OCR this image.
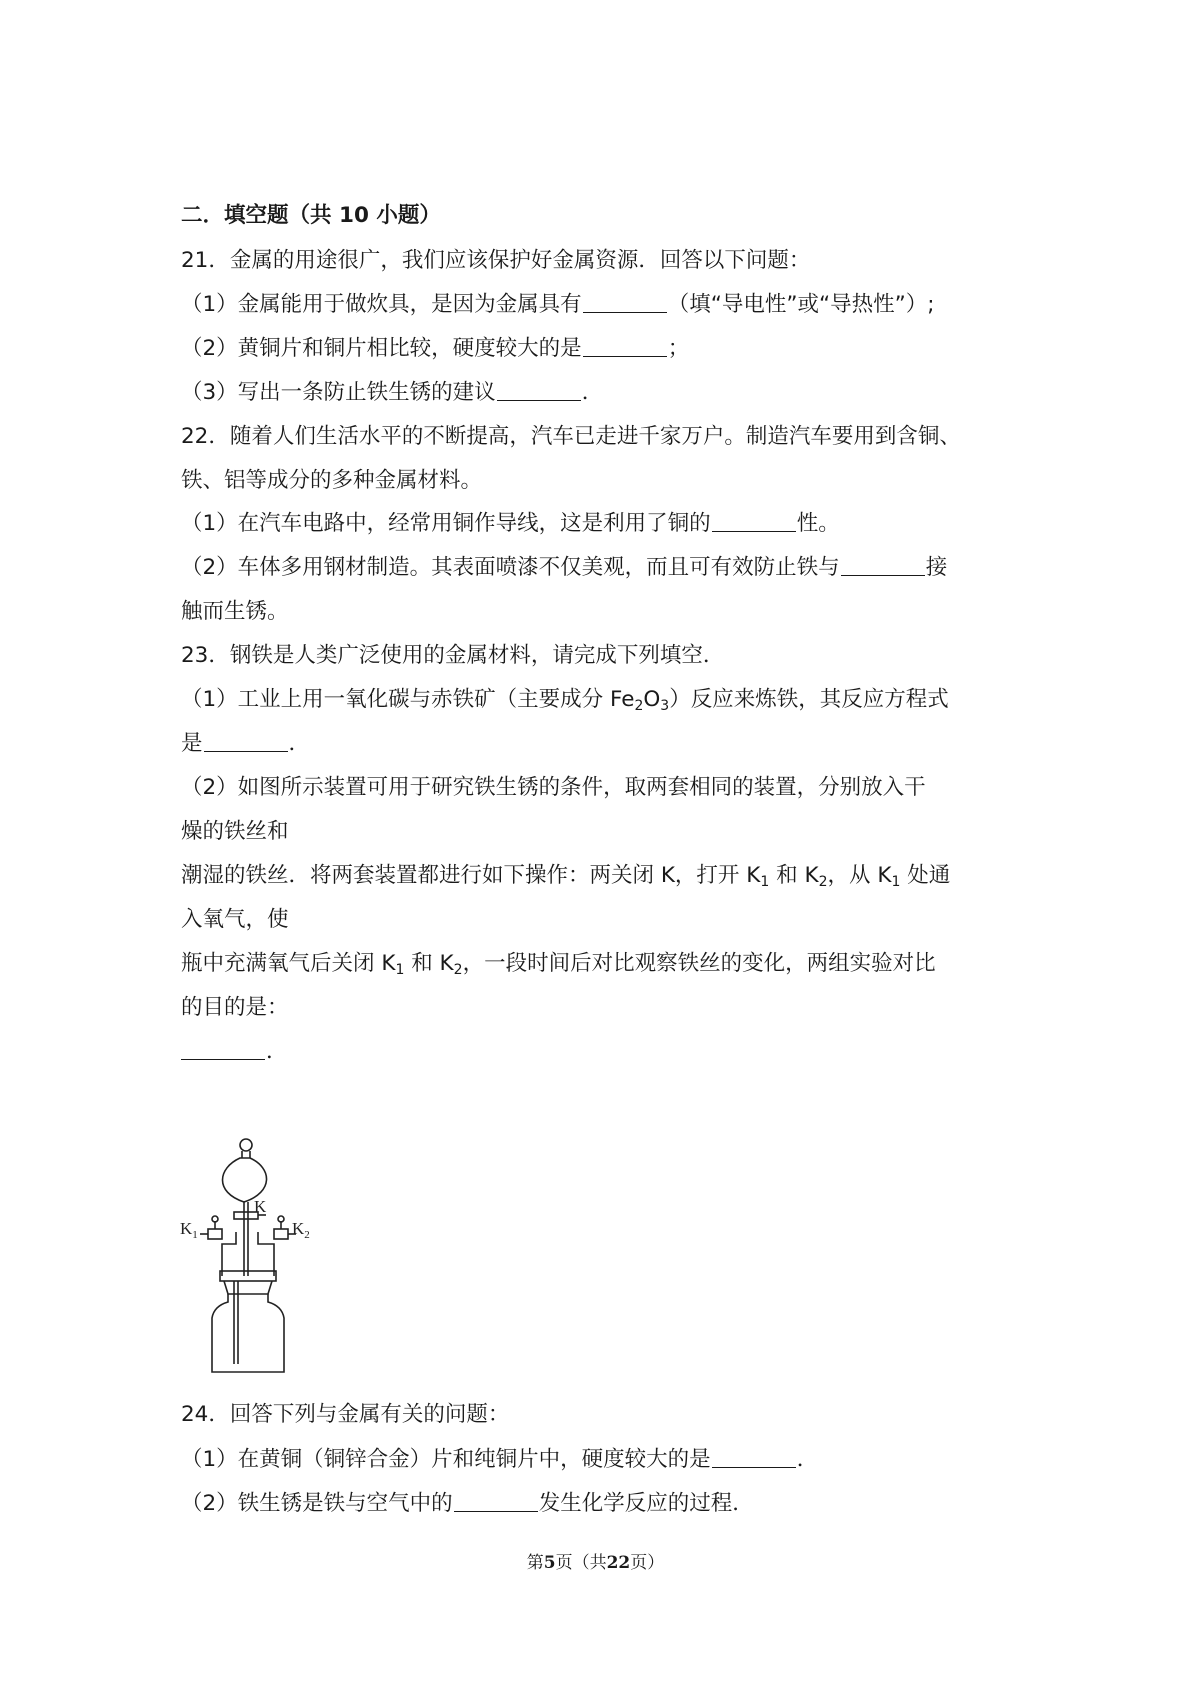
二．填空题（共 10 小题）
21．金属的用途很广，我们应该保护好金属资源．回答以下问题：
（1）金属能用于做炊具，是因为金属具有	（填“导电性”或“导热性”）;
（2）黄铜片和铜片相比较，硬度较大的是	；
（3）写出一条防止铁生锈的建议	．
22．随着人们生活水平的不断提高，汽车已走进千家万户。制造汽车要用到含铜、
铁、铝等成分的多种金属材料。
（1）在汽车电路中，经常用铜作导线，这是利用了铜的	性。
（2）车体多用钢材制造。其表面喷漆不仅美观，而且可有效防止铁与	接
触而生锈。
23．钢铁是人类广泛使用的金属材料，请完成下列填空．
（1）工业上用一氧化碳与赤铁矿（主要成分 $Fe_2O_3$）反应来炼铁，其反应方程式
是	．
（2）如图所示装置可用于研究铁生锈的条件，取两套相同的装置，分别放入干
燥的铁丝和
潮湿的铁丝．将两套装置都进行如下操作：两关闭 K，打开 $K_1$ 和 $K_2$，从 $K_1$ 处通
入氧气，使
瓶中充满氧气后关闭 $K_1$ 和 $K_2$，一段时间后对比观察铁丝的变化，两组实验对比
的目的是：
．
K
$K_1$	$K_2$
24．回答下列与金属有关的问题：
（1）在黄铜（铜锌合金）片和纯铜片中，硬度较大的是	．
（2）铁生锈是铁与空气中的	发生化学反应的过程．
第5页（共22页）
